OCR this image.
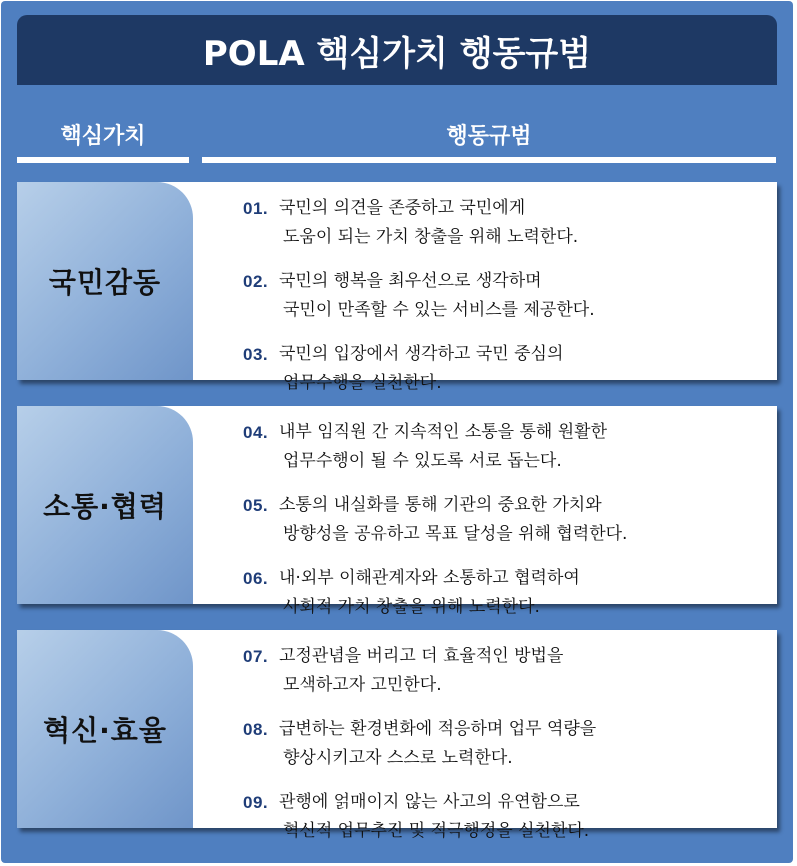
POLA 핵심가치 행동규범
핵심가치	행동규범
국민감동
01. 국민의 의견을 존중하고 국민에게
도움이 되는 가치 창출을 위해 노력한다.
02. 국민의 행복을 최우선으로 생각하며
국민이 만족할 수 있는 서비스를 제공한다.
03. 국민의 입장에서 생각하고 국민 중심의
업무수행을 실천한다.
소통·협력
04. 내부 임직원 간 지속적인 소통을 통해 원활한
업무수행이 될 수 있도록 서로 돕는다.
05. 소통의 내실화를 통해 기관의 중요한 가치와
방향성을 공유하고 목표 달성을 위해 협력한다.
06. 내·외부 이해관계자와 소통하고 협력하여
사회적 가치 창출을 위해 노력한다.
혁신·효율
07. 고정관념을 버리고 더 효율적인 방법을
모색하고자 고민한다.
08. 급변하는 환경변화에 적응하며 업무 역량을
향상시키고자 스스로 노력한다.
09. 관행에 얽매이지 않는 사고의 유연함으로
혁신적 업무추진 및 적극행정을 실천한다.
